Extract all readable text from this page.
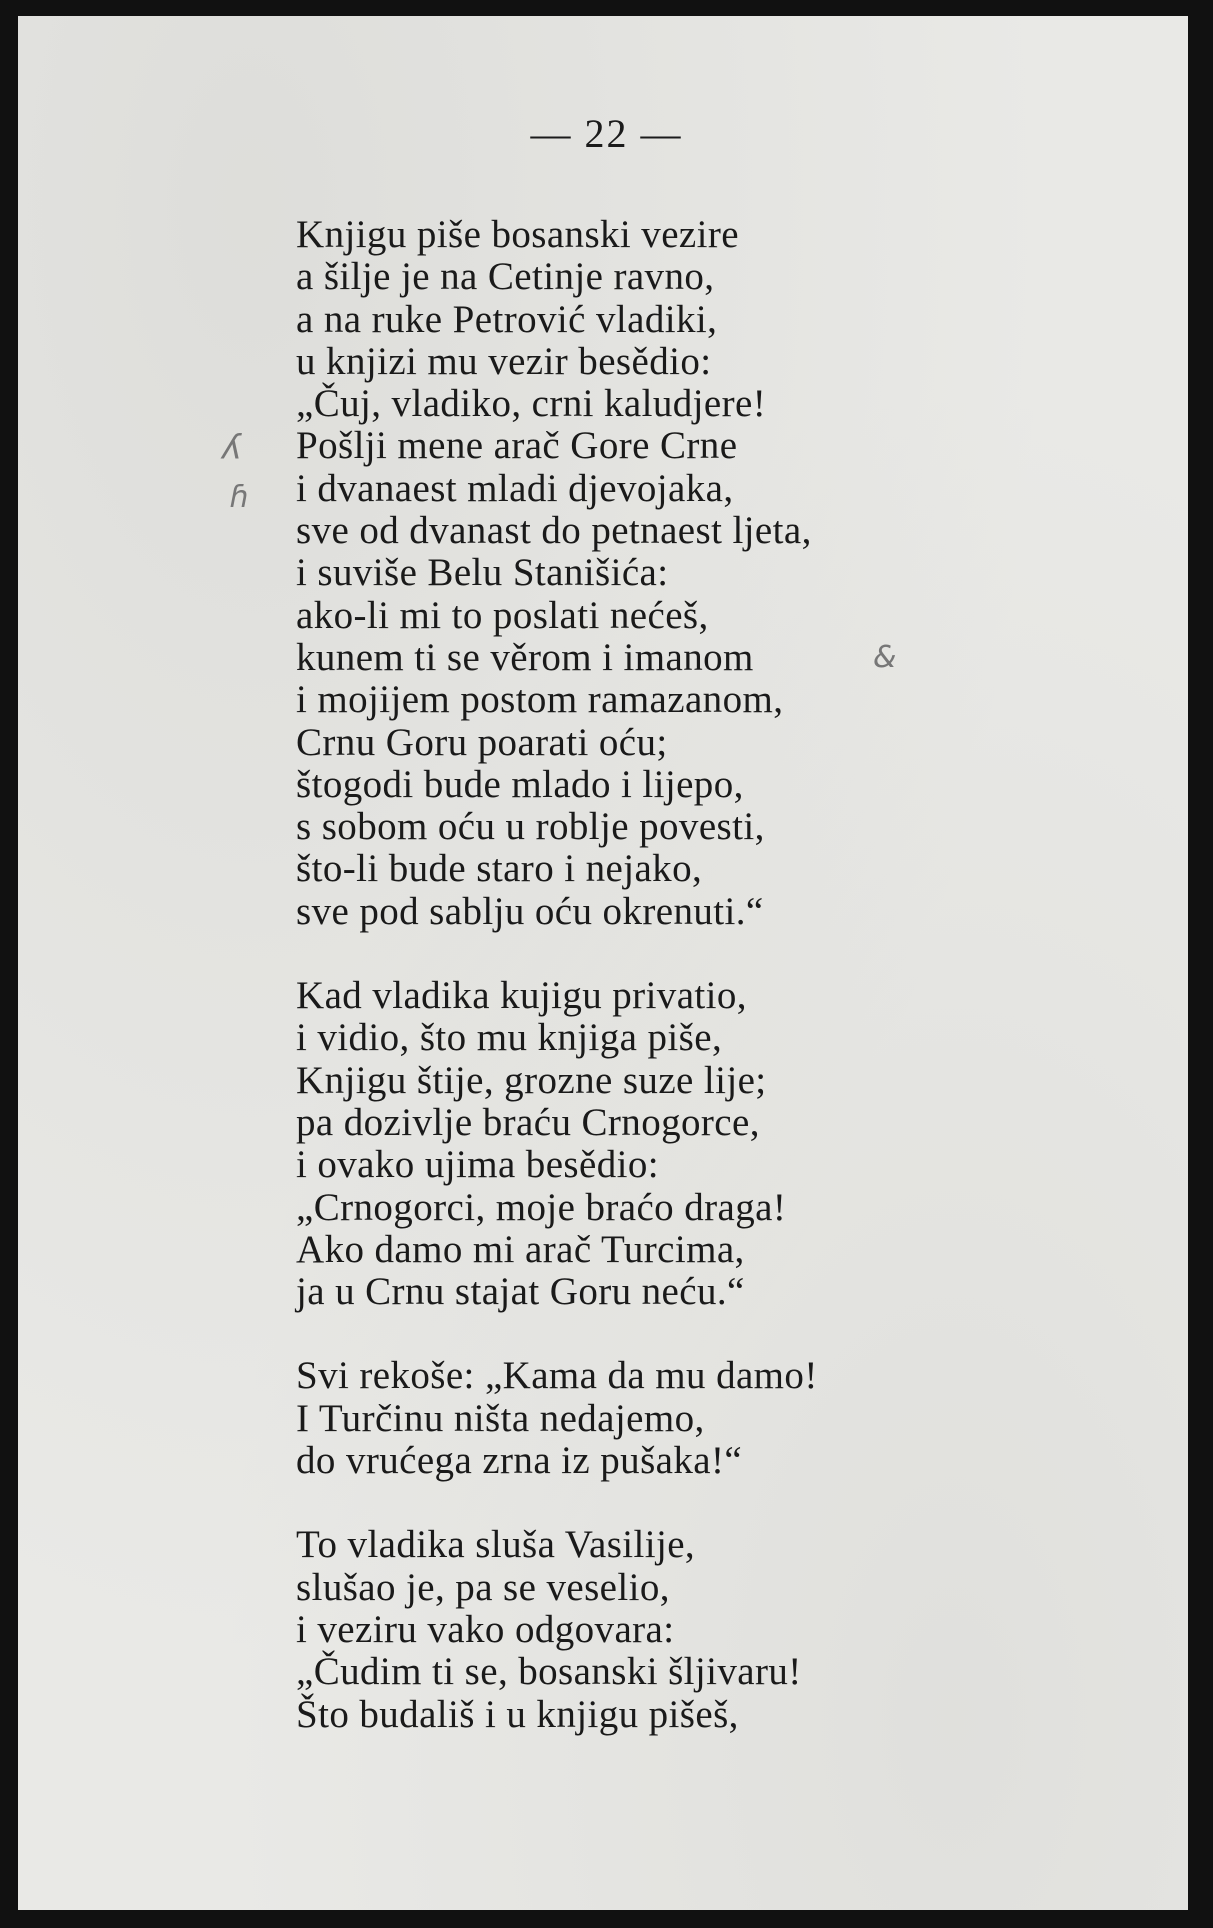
— 22 —
ʎ
ɦ
&
Knjigu piše bosanski vezire
a šilje je na Cetinje ravno,
a na ruke Petrović vladiki,
u knjizi mu vezir besědio:
„Čuj, vladiko, crni kaludjere!
Pošlji mene arač Gore Crne
i dvanaest mladi djevojaka,
sve od dvanast do petnaest ljeta,
i suviše Belu Stanišića:
ako-li mi to poslati nećeš,
kunem ti se věrom i imanom
i mojijem postom ramazanom,
Crnu Goru poarati oću;
štogodi bude mlado i lijepo,
s sobom oću u roblje povesti,
što-li bude staro i nejako,
sve pod sablju oću okrenuti.“
Kad vladika kujigu privatio,
i vidio, što mu knjiga piše,
Knjigu štije, grozne suze lije;
pa dozivlje braću Crnogorce,
i ovako ujima besědio:
„Crnogorci, moje braćo draga!
Ako damo mi arač Turcima,
ja u Crnu stajat Goru neću.“
Svi rekoše: „Kama da mu damo!
I Turčinu ništa nedajemo,
do vrućega zrna iz pušaka!“
To vladika sluša Vasilije,
slušao je, pa se veselio,
i veziru vako odgovara:
„Čudim ti se, bosanski šljivaru!
Što budališ i u knjigu pišeš,
